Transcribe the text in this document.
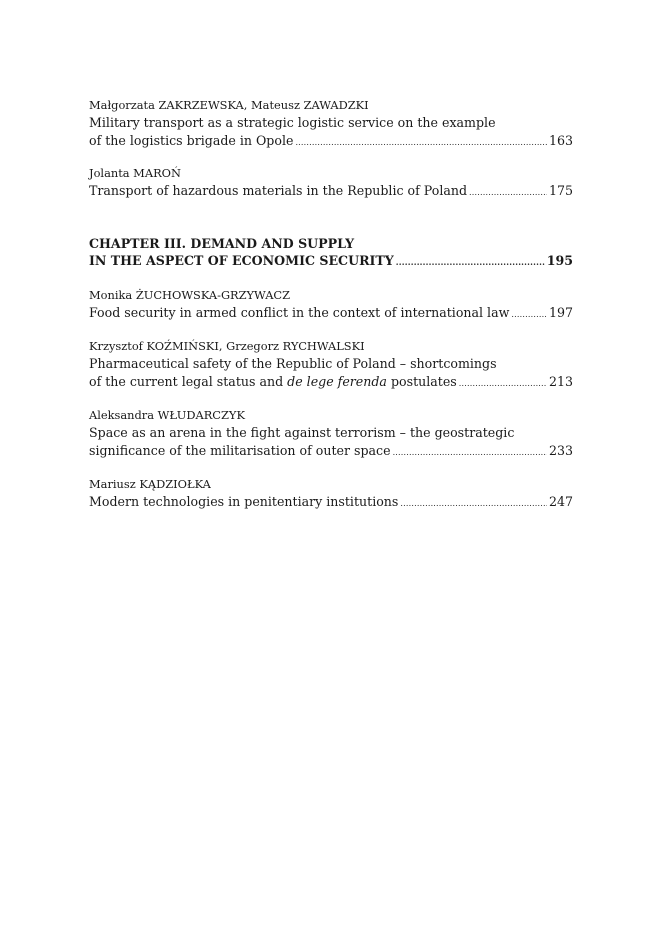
Małgorzata ZAKRZEWSKA, Mateusz ZAWADZKI
Military transport as a strategic logistic service on the example
of the logistics brigade in Opole .....	163
Jolanta MAROŃ
Transport of hazardous materials in the Republic of Poland .....	175
CHAPTER III. DEMAND AND SUPPLY
IN THE ASPECT OF ECONOMIC SECURITY .....	195
Monika ŻUCHOWSKA-GRZYWACZ
Food security in armed conflict in the context of international law .....	197
Krzysztof KOŹMIŃSKI, Grzegorz RYCHWALSKI
Pharmaceutical safety of the Republic of Poland – shortcomings
of the current legal status and de lege ferenda postulates .....	213
Aleksandra WŁUDARCZYK
Space as an arena in the fight against terrorism – the geostrategic
significance of the militarisation of outer space .....	233
Mariusz KĄDZIOŁKA
Modern technologies in penitentiary institutions .....	247
